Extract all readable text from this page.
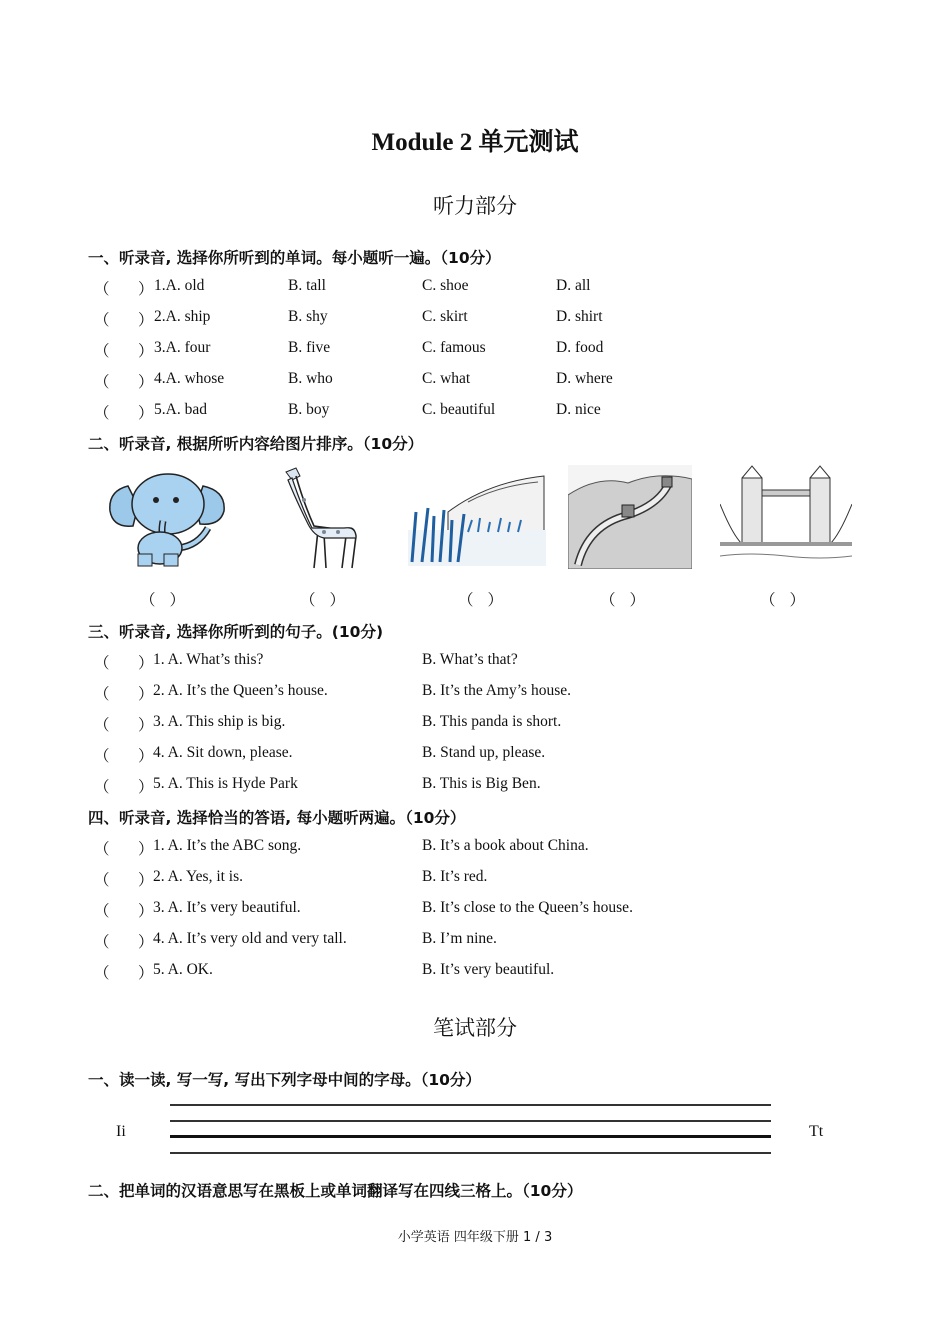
Module 2 单元测试
听力部分
一、听录音, 选择你所听到的单词。每小题听一遍。（10分）
（ ） 1.A. old	B. tall	C. shoe	D. all
（ ） 2.A. ship	B. shy	C. skirt	D. shirt
（ ） 3.A. four	B. five	C. famous	D. food
（ ） 4.A. whose	B. who	C. what	D. where
（ ） 5.A. bad	B. boy	C. beautiful	D. nice
二、听录音, 根据所听内容给图片排序。（10分）
（ ）	（ ）	（ ）	（ ）	（ ）
三、听录音, 选择你所听到的句子。(10分)
（ ） 1. A. What’s this?	B. What’s that?
（ ） 2. A. It’s the Queen’s house.	B. It’s the Amy’s house.
（ ） 3. A. This ship is big.	B. This panda is short.
（ ） 4. A. Sit down, please.	B. Stand up, please.
（ ） 5. A. This is Hyde Park	B. This is Big Ben.
四、听录音, 选择恰当的答语, 每小题听两遍。（10分）
（ ） 1. A. It’s the ABC song.	B. It’s a book about China.
（ ） 2. A. Yes, it is.	B. It’s red.
（ ） 3. A. It’s very beautiful.	B. It’s close to the Queen’s house.
（ ） 4. A. It’s very old and very tall.	B. I’m nine.
（ ） 5. A. OK.	B. It’s very beautiful.
笔试部分
一、读一读, 写一写, 写出下列字母中间的字母。（10分）
Ii	Tt
二、把单词的汉语意思写在黑板上或单词翻译写在四线三格上。（10分）
小学英语 四年级下册 1 / 3
